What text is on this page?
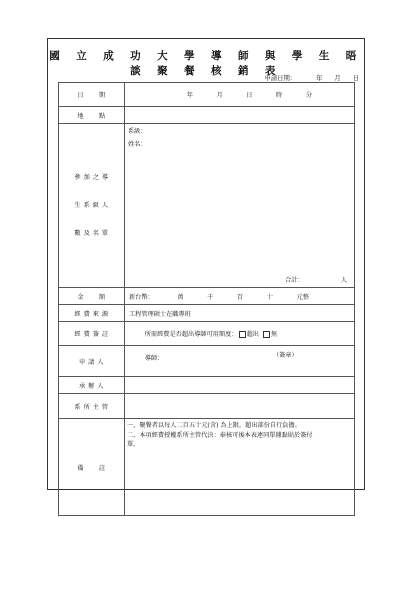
國 立 成 功 大 學 導 師 與 學 生 晤 談 聚 餐 核 銷 表
申請日期：          年      月      日
日      期	年            月            日            時            分

地      點	

參 加 之 導

生 系 級 人

數 及 名 單	系級：
姓名：
合計： 人

金      額	新台幣：            萬            千            百            十            元整
經 費 來 源	工程管理碩士在職專班
經 費 簽 註	所需經費是否超出導師可用額度： 超出 無

申 請 人	導師：
（簽章）

承 辦 人	
系 所 主 管	
備      註	一、聚餐者以每人二百五十元(含) 為上限，超出部份自行負擔。
二、本項經費授權系所主管代決：奉核可後本表連同單據黏貼於簽付
單。
